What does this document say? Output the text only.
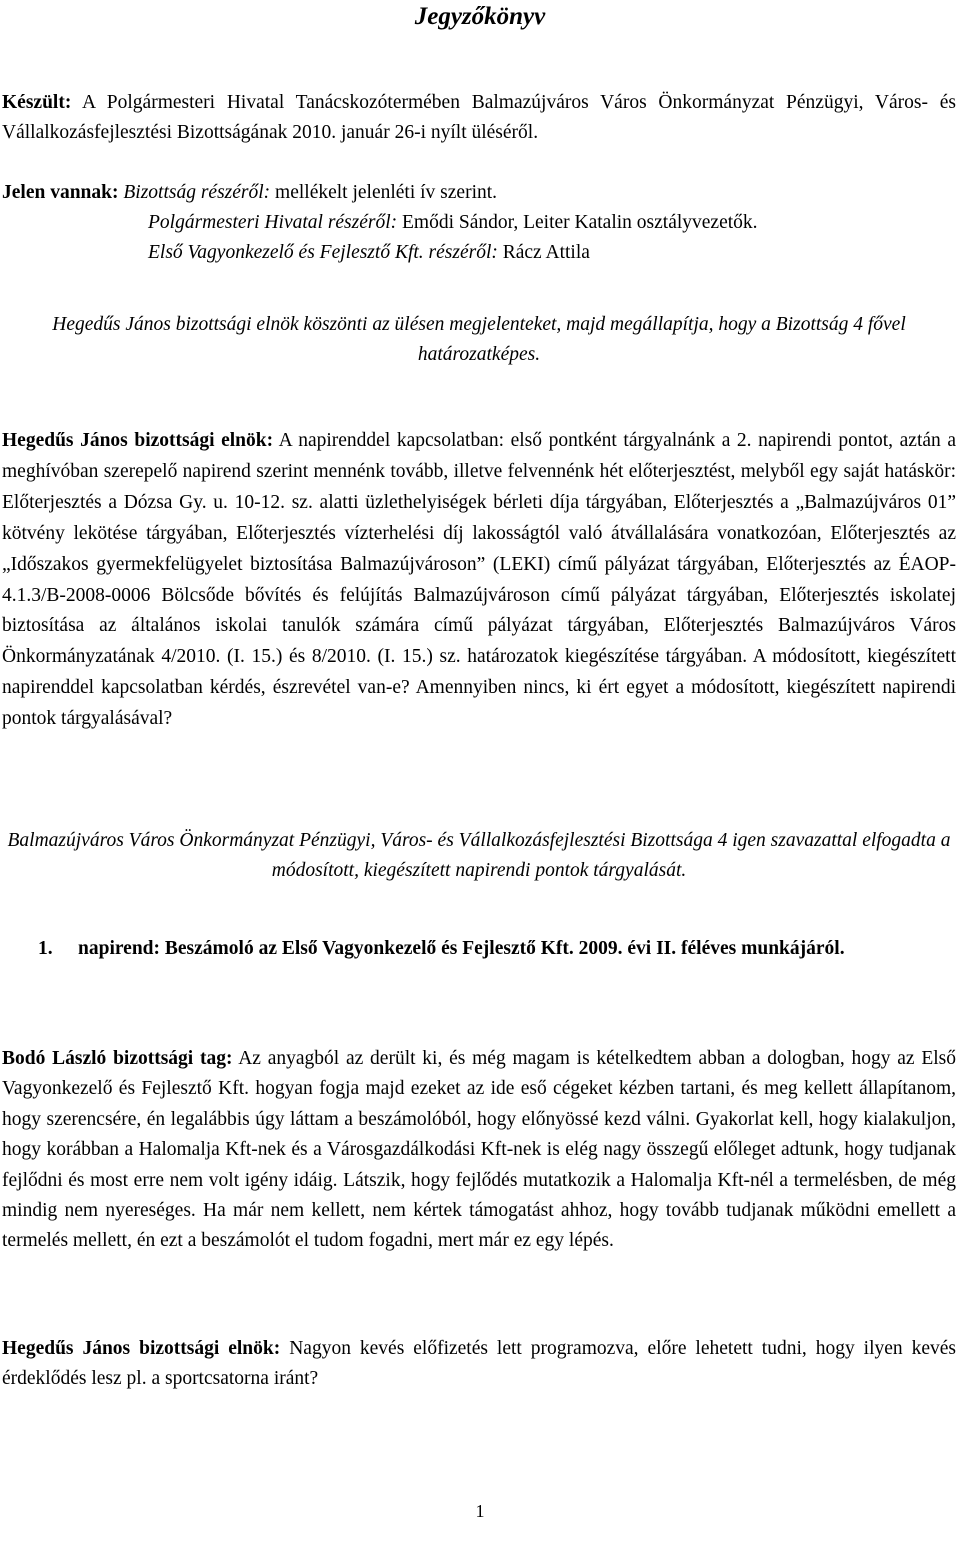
Jegyzőkönyv

Készült: A Polgármesteri Hivatal Tanácskozótermében Balmazújváros Város Önkormányzat Pénzügyi, Város- és Vállalkozásfejlesztési Bizottságának 2010. január 26-i nyílt üléséről.

Jelen vannak: Bizottság részéről: mellékelt jelenléti ív szerint.
Polgármesteri Hivatal részéről: Emődi Sándor, Leiter Katalin osztályvezetők.
Első Vagyonkezelő és Fejlesztő Kft. részéről: Rácz Attila

Hegedűs János bizottsági elnök köszönti az ülésen megjelenteket, majd megállapítja, hogy a Bizottság 4 fővel határozatképes.

Hegedűs János bizottsági elnök: A napirenddel kapcsolatban: első pontként tárgyalnánk a 2. napirendi pontot, aztán a meghívóban szerepelő napirend szerint mennénk tovább, illetve felvennénk hét előterjesztést, melyből egy saját hatáskör: Előterjesztés a Dózsa Gy. u. 10-12. sz. alatti üzlethelyiségek bérleti díja tárgyában, Előterjesztés a „Balmazújváros 01” kötvény lekötése tárgyában, Előterjesztés vízterhelési díj lakosságtól való átvállalására vonatkozóan, Előterjesztés az „Időszakos gyermekfelügyelet biztosítása Balmazújvároson” (LEKI) című pályázat tárgyában, Előterjesztés az ÉAOP-4.1.3/B-2008-0006 Bölcsőde bővítés és felújítás Balmazújvároson című pályázat tárgyában, Előterjesztés iskolatej biztosítása az általános iskolai tanulók számára című pályázat tárgyában, Előterjesztés Balmazújváros Város Önkormányzatának 4/2010. (I. 15.) és 8/2010. (I. 15.) sz. határozatok kiegészítése tárgyában. A módosított, kiegészített napirenddel kapcsolatban kérdés, észrevétel van-e? Amennyiben nincs, ki ért egyet a módosított, kiegészített napirendi pontok tárgyalásával?

Balmazújváros Város Önkormányzat Pénzügyi, Város- és Vállalkozásfejlesztési Bizottsága 4 igen szavazattal elfogadta a módosított, kiegészített napirendi pontok tárgyalását.

1. napirend: Beszámoló az Első Vagyonkezelő és Fejlesztő Kft. 2009. évi II. féléves munkájáról.

Bodó László bizottsági tag: Az anyagból az derült ki, és még magam is kételkedtem abban a dologban, hogy az Első Vagyonkezelő és Fejlesztő Kft. hogyan fogja majd ezeket az ide eső cégeket kézben tartani, és meg kellett állapítanom, hogy szerencsére, én legalábbis úgy láttam a beszámolóból, hogy előnyössé kezd válni. Gyakorlat kell, hogy kialakuljon, hogy korábban a Halomalja Kft-nek és a Városgazdálkodási Kft-nek is elég nagy összegű előleget adtunk, hogy tudjanak fejlődni és most erre nem volt igény idáig. Látszik, hogy fejlődés mutatkozik a Halomalja Kft-nél a termelésben, de még mindig nem nyereséges. Ha már nem kellett, nem kértek támogatást ahhoz, hogy tovább tudjanak működni emellett a termelés mellett, én ezt a beszámolót el tudom fogadni, mert már ez egy lépés.

Hegedűs János bizottsági elnök: Nagyon kevés előfizetés lett programozva, előre lehetett tudni, hogy ilyen kevés érdeklődés lesz pl. a sportcsatorna iránt?

1
